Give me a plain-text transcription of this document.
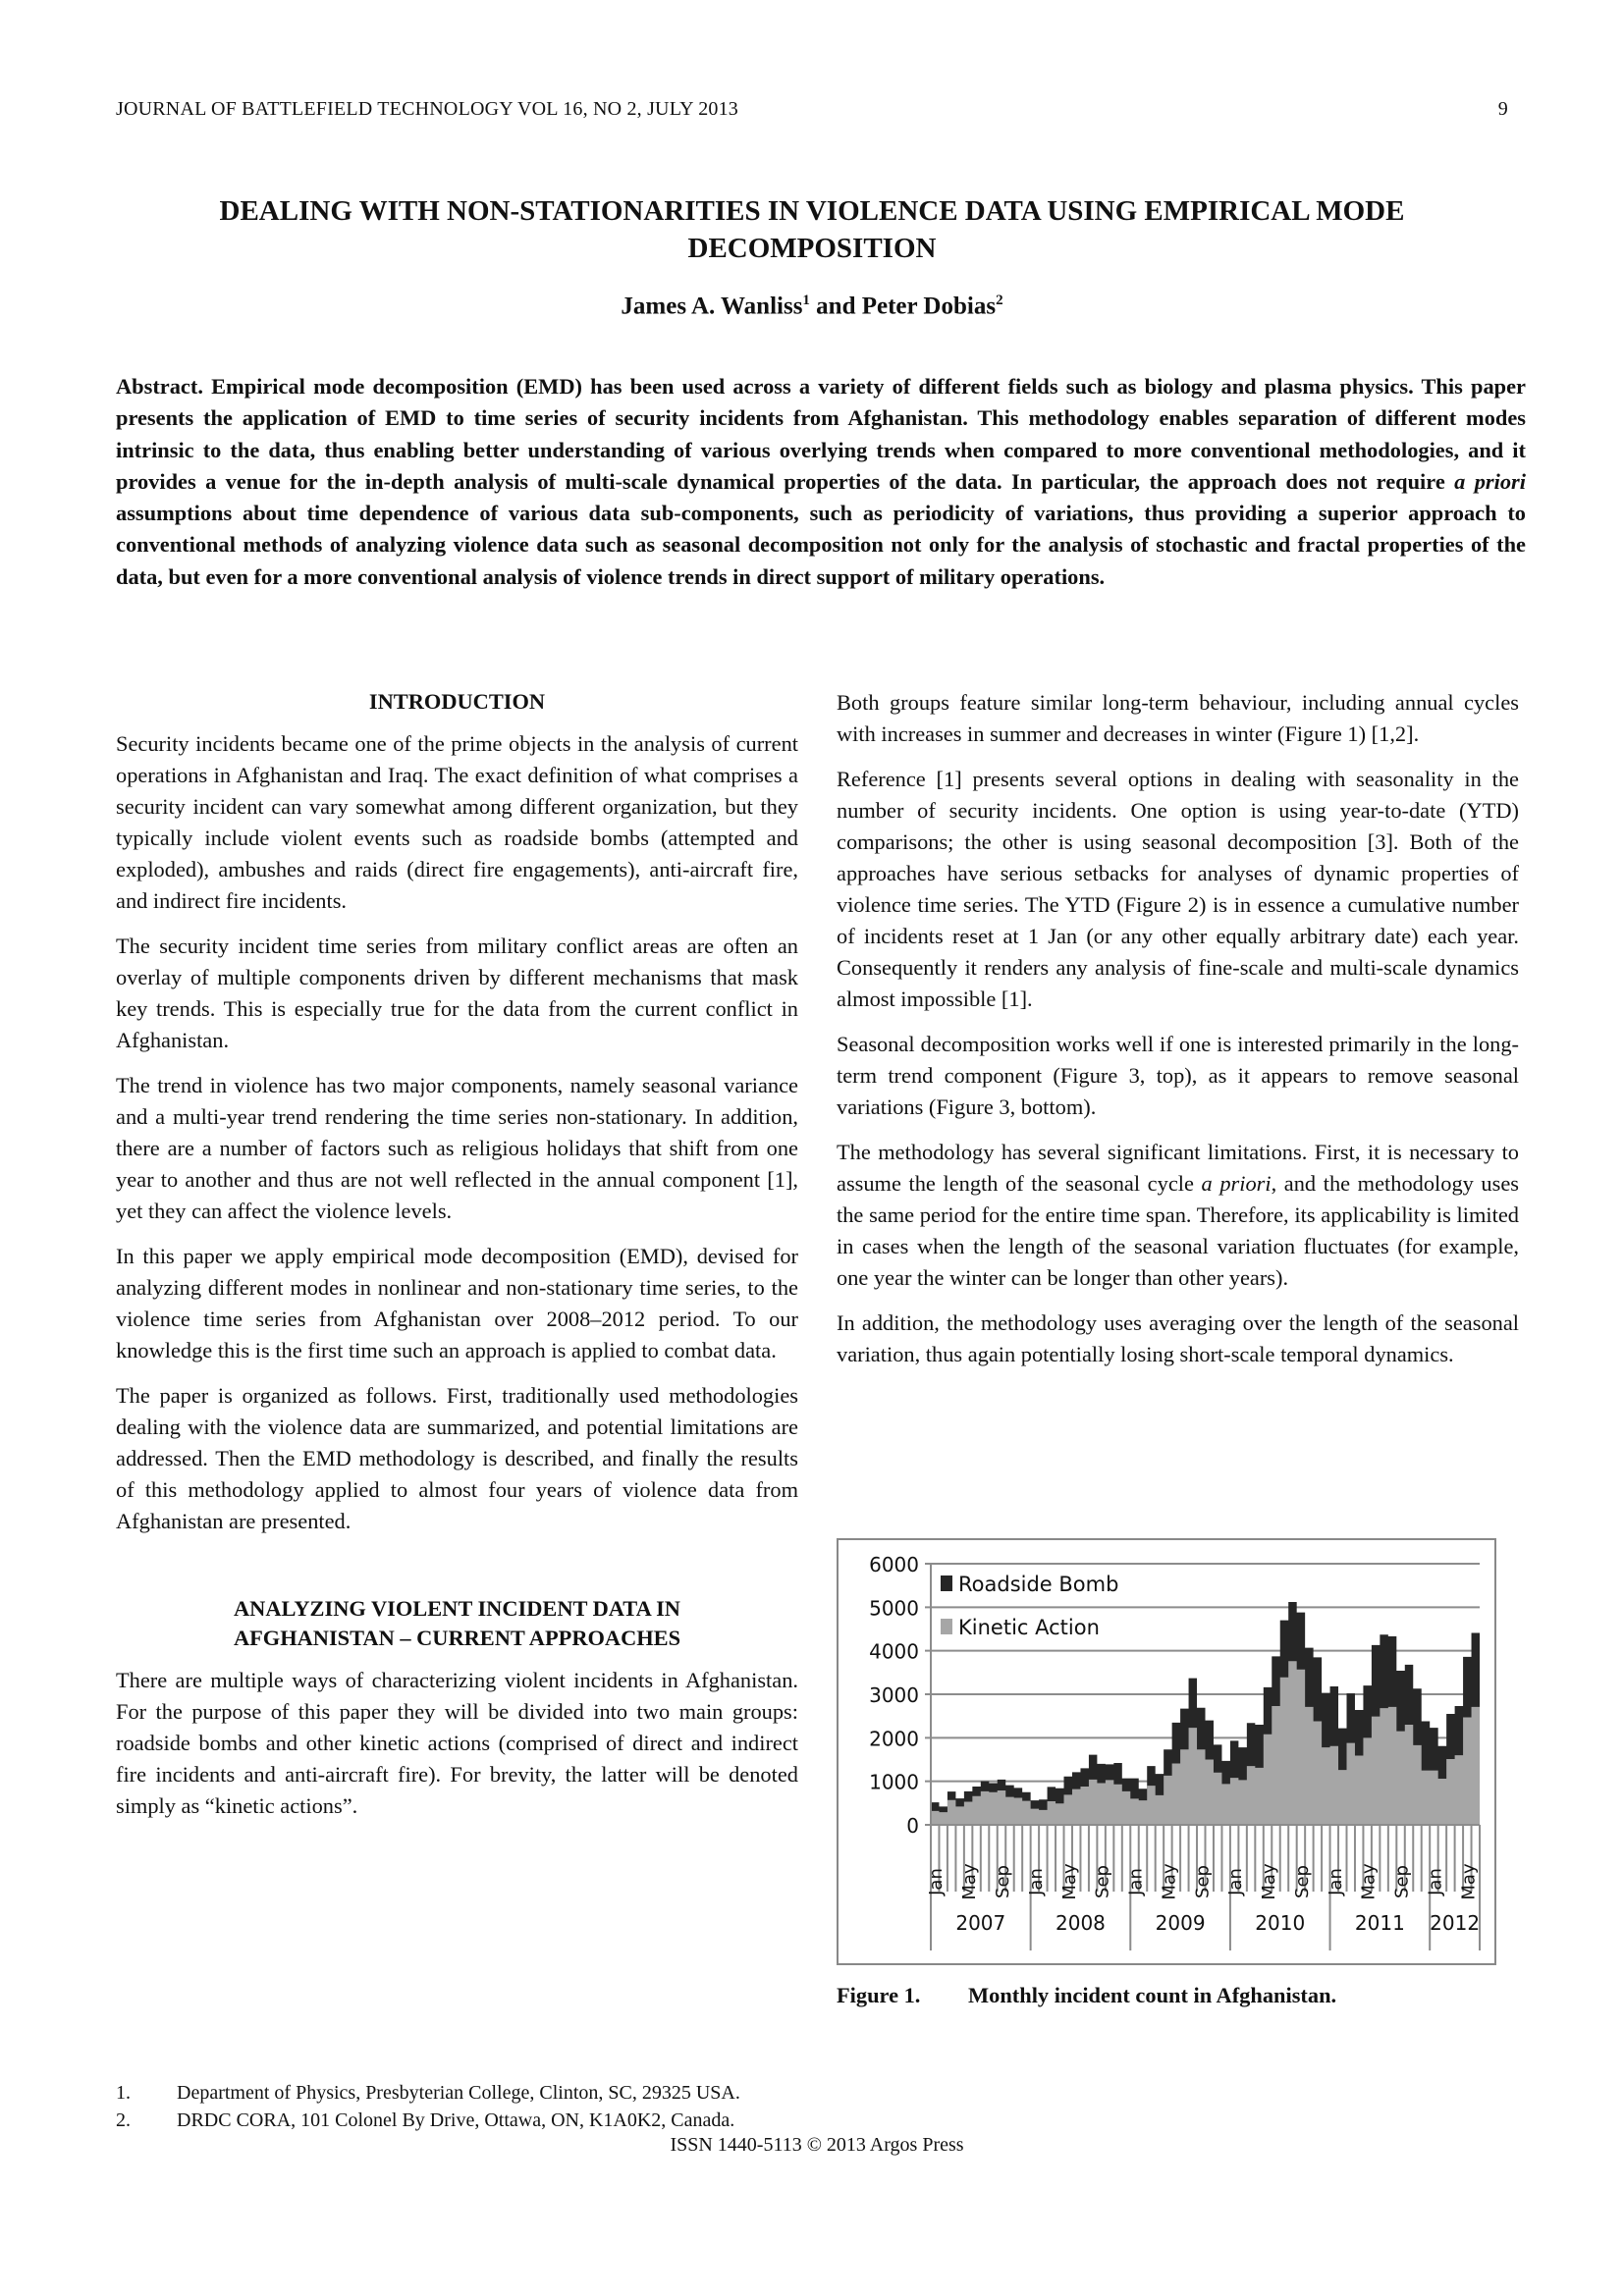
JOURNAL OF BATTLEFIELD TECHNOLOGY VOL 16, NO 2, JULY 2013	9
DEALING WITH NON-STATIONARITIES IN VIOLENCE DATA USING EMPIRICAL MODE DECOMPOSITION
James A. Wanliss$^1$ and Peter Dobias$^2$
Abstract. Empirical mode decomposition (EMD) has been used across a variety of different fields such as biology and plasma physics. This paper presents the application of EMD to time series of security incidents from Afghanistan. This methodology enables separation of different modes intrinsic to the data, thus enabling better understanding of various overlying trends when compared to more conventional methodologies, and it provides a venue for the in-depth analysis of multi-scale dynamical properties of the data. In particular, the approach does not require a priori assumptions about time dependence of various data sub-components, such as periodicity of variations, thus providing a superior approach to conventional methods of analyzing violence data such as seasonal decomposition not only for the analysis of stochastic and fractal properties of the data, but even for a more conventional analysis of violence trends in direct support of military operations.
INTRODUCTION

Security incidents became one of the prime objects in the analysis of current operations in Afghanistan and Iraq. The exact definition of what comprises a security incident can vary somewhat among different organization, but they typically include violent events such as roadside bombs (attempted and exploded), ambushes and raids (direct fire engagements), anti-aircraft fire, and indirect fire incidents.

The security incident time series from military conflict areas are often an overlay of multiple components driven by different mechanisms that mask key trends. This is especially true for the data from the current conflict in Afghanistan.

The trend in violence has two major components, namely seasonal variance and a multi-year trend rendering the time series non-stationary. In addition, there are a number of factors such as religious holidays that shift from one year to another and thus are not well reflected in the annual component [1], yet they can affect the violence levels.

In this paper we apply empirical mode decomposition (EMD), devised for analyzing different modes in nonlinear and non-stationary time series, to the violence time series from Afghanistan over 2008–2012 period. To our knowledge this is the first time such an approach is applied to combat data.

The paper is organized as follows. First, traditionally used methodologies dealing with the violence data are summarized, and potential limitations are addressed. Then the EMD methodology is described, and finally the results of this methodology applied to almost four years of violence data from Afghanistan are presented.

ANALYZING VIOLENT INCIDENT DATA IN
AFGHANISTAN – CURRENT APPROACHES

There are multiple ways of characterizing violent incidents in Afghanistan. For the purpose of this paper they will be divided into two main groups: roadside bombs and other kinetic actions (comprised of direct and indirect fire incidents and anti-aircraft fire). For brevity, the latter will be denoted simply as “kinetic actions”.

Both groups feature similar long-term behaviour, including annual cycles with increases in summer and decreases in winter (Figure 1) [1,2].

Reference [1] presents several options in dealing with seasonality in the number of security incidents. One option is using year-to-date (YTD) comparisons; the other is using seasonal decomposition [3]. Both of the approaches have serious setbacks for analyses of dynamic properties of violence time series. The YTD (Figure 2) is in essence a cumulative number of incidents reset at 1 Jan (or any other equally arbitrary date) each year. Consequently it renders any analysis of fine-scale and multi-scale dynamics almost impossible [1].

Seasonal decomposition works well if one is interested primarily in the long-term trend component (Figure 3, top), as it appears to remove seasonal variations (Figure 3, bottom).

The methodology has several significant limitations. First, it is necessary to assume the length of the seasonal cycle a priori, and the methodology uses the same period for the entire time span. Therefore, its applicability is limited in cases when the length of the seasonal variation fluctuates (for example, one year the winter can be longer than other years).

In addition, the methodology uses averaging over the length of the seasonal variation, thus again potentially losing short-scale temporal dynamics.

0
1000
2000
3000
4000
5000
6000
Jan May Sep Jan May Sep Jan May Sep Jan May Sep Jan May Sep Jan May
2007	2008	2009	2010	2011 2012
Roadside Bomb
Kinetic Action
Figure 1. Monthly incident count in Afghanistan.
1.	Department of Physics, Presbyterian College, Clinton, SC, 29325 USA.
2.	DRDC CORA, 101 Colonel By Drive, Ottawa, ON, K1A0K2, Canada.
ISSN 1440-5113 © 2013 Argos Press
